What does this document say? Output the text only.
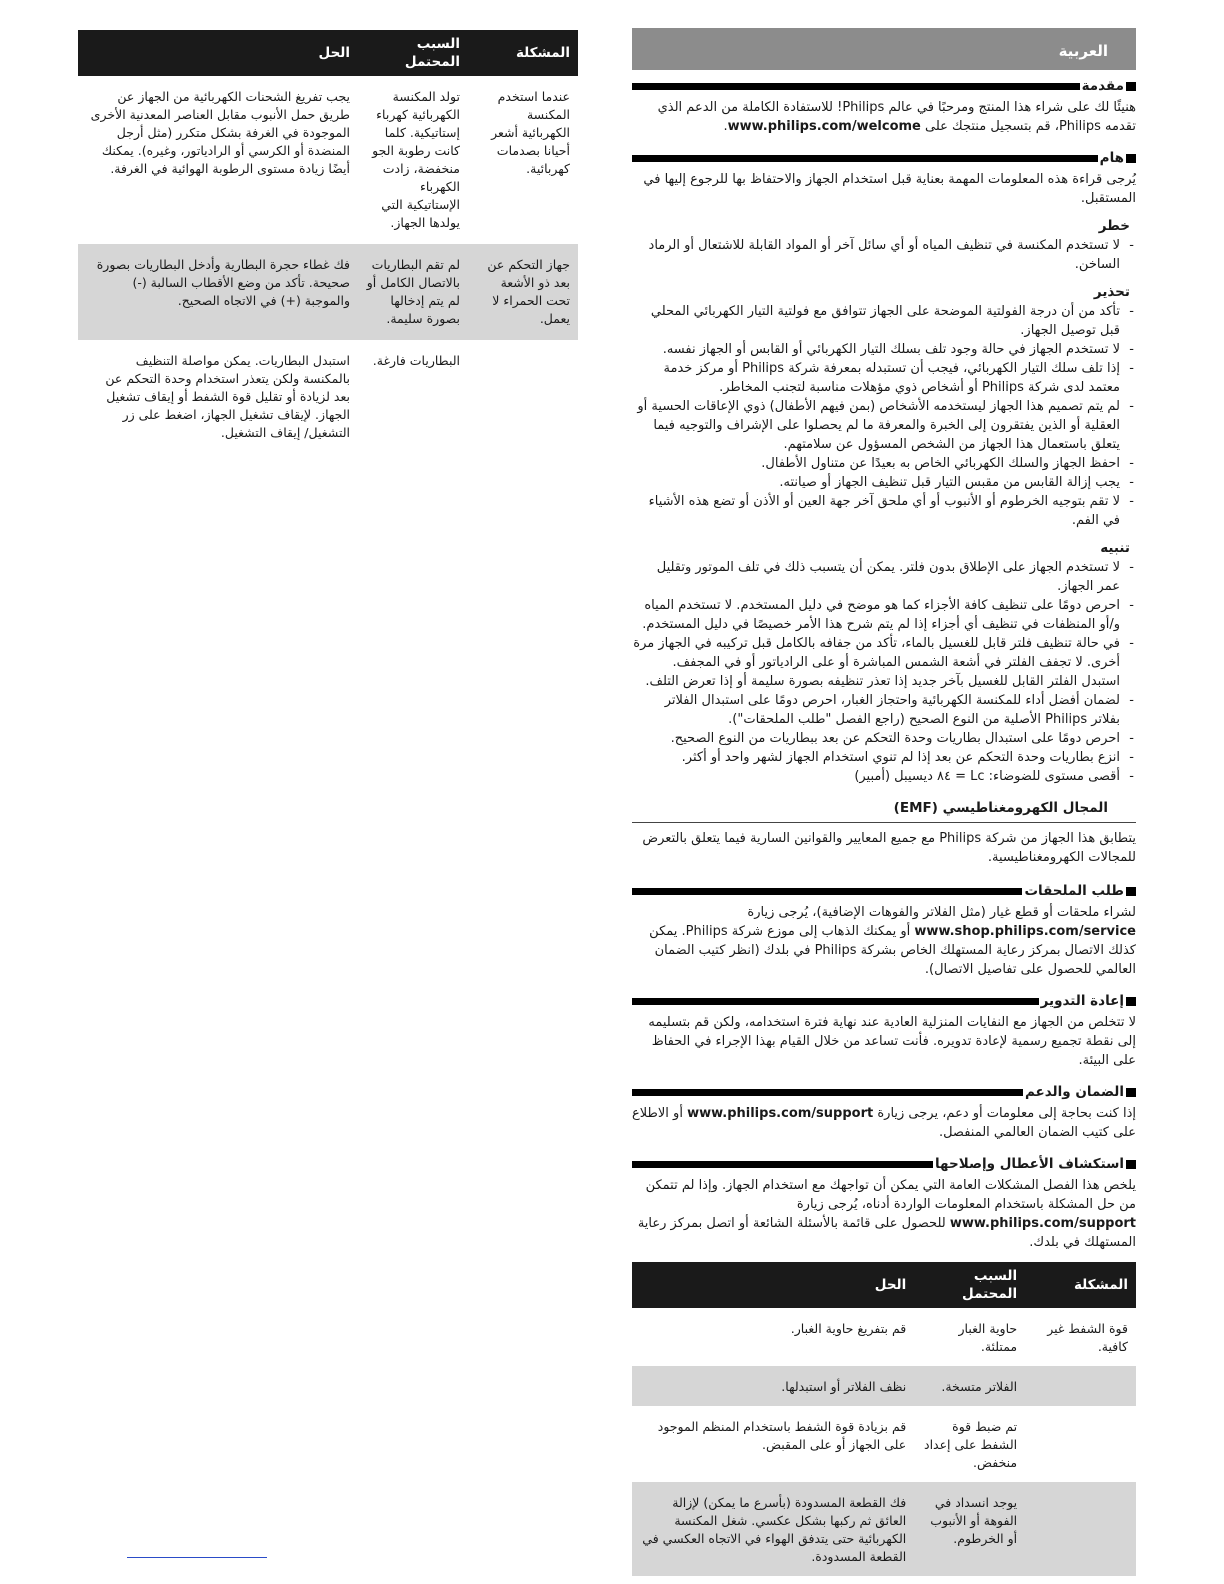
المشكلة	السبب المحتمل	الحل
عندما استخدم المكنسة الكهربائية أشعر أحيانا بصدمات كهربائية.	تولد المكنسة الكهربائية كهرباء إستاتيكية. كلما كانت رطوبة الجو منخفضة، زادت الكهرباء الإستاتيكية التي يولدها الجهاز.	يجب تفريغ الشحنات الكهربائية من الجهاز عن طريق حمل الأنبوب مقابل العناصر المعدنية الأخرى الموجودة في الغرفة بشكل متكرر (مثل أرجل المنضدة أو الكرسي أو الرادياتور، وغيره). يمكنك أيضًا زيادة مستوى الرطوبة الهوائية في الغرفة.
جهاز التحكم عن بعد ذو الأشعة تحت الحمراء لا يعمل.	لم تقم البطاريات بالاتصال الكامل أو لم يتم إدخالها بصورة سليمة.	فك غطاء حجرة البطارية وأدخل البطاريات بصورة صحيحة. تأكد من وضع الأقطاب السالبة (-) والموجبة (+) في الاتجاه الصحيح.
	البطاريات فارغة.	استبدل البطاريات. يمكن مواصلة التنظيف بالمكنسة ولكن يتعذر استخدام وحدة التحكم عن بعد لزيادة أو تقليل قوة الشفط أو إيقاف تشغيل الجهاز. لإيقاف تشغيل الجهاز، اضغط على زر التشغيل/ إيقاف التشغيل.
العربية
مقدمة

هنيئًا لك على شراء هذا المنتج ومرحبًا في عالم Philips! للاستفادة الكاملة من الدعم الذي تقدمه Philips، قم بتسجيل منتجك على www.philips.com/welcome.

هام

يُرجى قراءة هذه المعلومات المهمة بعناية قبل استخدام الجهاز والاحتفاظ بها للرجوع إليها في المستقبل.

خطر
- لا تستخدم المكنسة في تنظيف المياه أو أي سائل آخر أو المواد القابلة للاشتعال أو الرماد الساخن.
تحذير
- تأكد من أن درجة الفولتية الموضحة على الجهاز تتوافق مع فولتية التيار الكهربائي المحلي قبل توصيل الجهاز.
- لا تستخدم الجهاز في حالة وجود تلف بسلك التيار الكهربائي أو القابس أو الجهاز نفسه.
- إذا تلف سلك التيار الكهربائي، فيجب أن تستبدله بمعرفة شركة Philips أو مركز خدمة معتمد لدى شركة Philips أو أشخاص ذوي مؤهلات مناسبة لتجنب المخاطر.
- لم يتم تصميم هذا الجهاز ليستخدمه الأشخاص (بمن فيهم الأطفال) ذوي الإعاقات الحسية أو العقلية أو الذين يفتقرون إلى الخبرة والمعرفة ما لم يحصلوا على الإشراف والتوجيه فيما يتعلق باستعمال هذا الجهاز من الشخص المسؤول عن سلامتهم.
- احفظ الجهاز والسلك الكهربائي الخاص به بعيدًا عن متناول الأطفال.
- يجب إزالة القابس من مقبس التيار قبل تنظيف الجهاز أو صيانته.
- لا تقم بتوجيه الخرطوم أو الأنبوب أو أي ملحق آخر جهة العين أو الأذن أو تضع هذه الأشياء في الفم.
تنبيه
- لا تستخدم الجهاز على الإطلاق بدون فلتر. يمكن أن يتسبب ذلك في تلف الموتور وتقليل عمر الجهاز.
- احرص دومًا على تنظيف كافة الأجزاء كما هو موضح في دليل المستخدم. لا تستخدم المياه و/أو المنظفات في تنظيف أي أجزاء إذا لم يتم شرح هذا الأمر خصيصًا في دليل المستخدم.
- في حالة تنظيف فلتر قابل للغسيل بالماء، تأكد من جفافه بالكامل قبل تركيبه في الجهاز مرة أخرى. لا تجفف الفلتر في أشعة الشمس المباشرة أو على الرادياتور أو في المجفف. استبدل الفلتر القابل للغسيل بآخر جديد إذا تعذر تنظيفه بصورة سليمة أو إذا تعرض التلف.
- لضمان أفضل أداء للمكنسة الكهربائية واحتجاز الغبار، احرص دومًا على استبدال الفلاتر بفلاتر Philips الأصلية من النوع الصحيح (راجع الفصل "طلب الملحقات").
- احرص دومًا على استبدال بطاريات وحدة التحكم عن بعد ببطاريات من النوع الصحيح.
- انزع بطاريات وحدة التحكم عن بعد إذا لم تنوي استخدام الجهاز لشهر واحد أو أكثر.
- أقصى مستوى للضوضاء: Lc = ٨٤ ديسيبل (أمبير)
المجال الكهرومغناطيسي (EMF)

يتطابق هذا الجهاز من شركة Philips مع جميع المعايير والقوانين السارية فيما يتعلق بالتعرض للمجالات الكهرومغناطيسية.

طلب الملحقات

لشراء ملحقات أو قطع غيار (مثل الفلاتر والفوهات الإضافية)، يُرجى زيارة www.shop.philips.com/service أو يمكنك الذهاب إلى موزع شركة Philips. يمكن كذلك الاتصال بمركز رعاية المستهلك الخاص بشركة Philips في بلدك (انظر كتيب الضمان العالمي للحصول على تفاصيل الاتصال).

إعادة التدوير

لا تتخلص من الجهاز مع النفايات المنزلية العادية عند نهاية فترة استخدامه، ولكن قم بتسليمه إلى نقطة تجميع رسمية لإعادة تدويره. فأنت تساعد من خلال القيام بهذا الإجراء في الحفاظ على البيئة.

الضمان والدعم

إذا كنت بحاجة إلى معلومات أو دعم، يرجى زيارة www.philips.com/support أو الاطلاع على كتيب الضمان العالمي المنفصل.

استكشاف الأعطال وإصلاحها

يلخص هذا الفصل المشكلات العامة التي يمكن أن تواجهك مع استخدام الجهاز. وإذا لم تتمكن من حل المشكلة باستخدام المعلومات الواردة أدناه، يُرجى زيارة www.philips.com/support للحصول على قائمة بالأسئلة الشائعة أو اتصل بمركز رعاية المستهلك في بلدك.

المشكلة	السبب المحتمل	الحل
قوة الشفط غير كافية.	حاوية الغبار ممتلئة.	قم بتفريغ حاوية الغبار.
	الفلاتر متسخة.	نظف الفلاتر أو استبدلها.
	تم ضبط قوة الشفط على إعداد منخفض.	قم بزيادة قوة الشفط باستخدام المنظم الموجود على الجهاز أو على المقبض.
	يوجد انسداد في الفوهة أو الأنبوب أو الخرطوم.	فك القطعة المسدودة (بأسرع ما يمكن) لإزالة العائق ثم ركبها بشكل عكسي. شغل المكنسة الكهربائية حتى يتدفق الهواء في الاتجاه العكسي في القطعة المسدودة.
